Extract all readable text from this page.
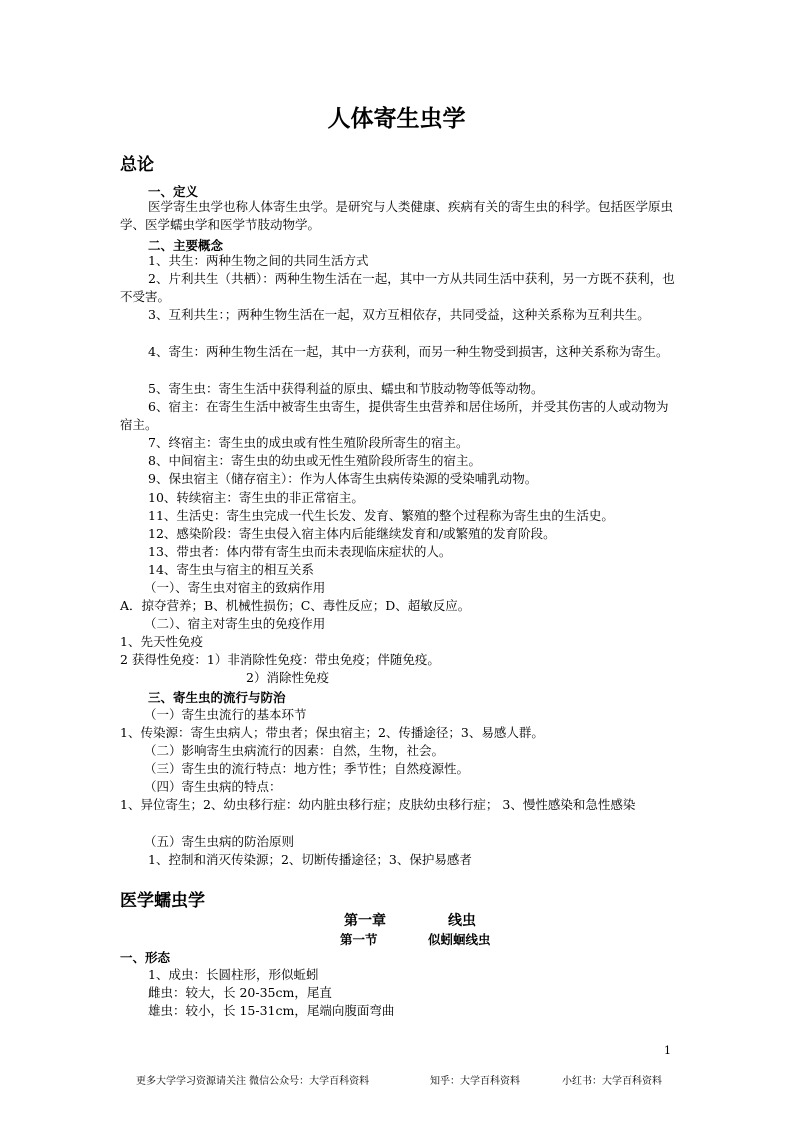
人体寄生虫学
总论
一、定义
医学寄生虫学也称人体寄生虫学。是研究与人类健康、疾病有关的寄生虫的科学。包括医学原虫学、医学蠕虫学和医学节肢动物学。
二、主要概念
1、共生：两种生物之间的共同生活方式
2、片利共生（共栖）：两种生物生活在一起，其中一方从共同生活中获利，另一方既不获利，也不受害。
3、互利共生：；两种生物生活在一起，双方互相依存，共同受益，这种关系称为互利共生。
4、寄生：两种生物生活在一起，其中一方获利，而另一种生物受到损害，这种关系称为寄生。
5、寄生虫：寄生生活中获得利益的原虫、蠕虫和节肢动物等低等动物。
6、宿主：在寄生生活中被寄生虫寄生，提供寄生虫营养和居住场所，并受其伤害的人或动物为宿主。
7、终宿主：寄生虫的成虫或有性生殖阶段所寄生的宿主。
8、中间宿主：寄生虫的幼虫或无性生殖阶段所寄生的宿主。
9、保虫宿主（储存宿主）：作为人体寄生虫病传染源的受染哺乳动物。
10、转续宿主：寄生虫的非正常宿主。
11、生活史：寄生虫完成一代生长发、发育、繁殖的整个过程称为寄生虫的生活史。
12、感染阶段：寄生虫侵入宿主体内后能继续发育和/或繁殖的发育阶段。
13、带虫者：体内带有寄生虫而未表现临床症状的人。
14、寄生虫与宿主的相互关系
（一）、寄生虫对宿主的致病作用
A．掠夺营养；B、机械性损伤；C、毒性反应；D、超敏反应。
（二）、宿主对寄生虫的免疫作用
1、先天性免疫
2 获得性免疫：1）非消除性免疫：带虫免疫；伴随免疫。
2）消除性免疫
三、寄生虫的流行与防治
（一）寄生虫流行的基本环节
1、传染源：寄生虫病人；带虫者；保虫宿主；2、传播途径；3、易感人群。
（二）影响寄生虫病流行的因素：自然，生物，社会。
（三）寄生虫的流行特点：地方性；季节性；自然疫源性。
（四）寄生虫病的特点：
1、异位寄生；2、幼虫移行症：幼内脏虫移行症；皮肤幼虫移行症； 3、慢性感染和急性感染
（五）寄生虫病的防治原则
1、控制和消灭传染源；2、切断传播途径；3、保护易感者
医学蠕虫学
第一章	线虫
第一节	似蚓蛔线虫
一、形态
1、成虫：长圆柱形，形似蚯蚓
雌虫：较大，长 20-35cm，尾直
雄虫：较小，长 15-31cm，尾端向腹面弯曲
1
更多大学学习资源请关注 微信公众号：大学百科资料	知乎：大学百科资料	小红书：大学百科资料
